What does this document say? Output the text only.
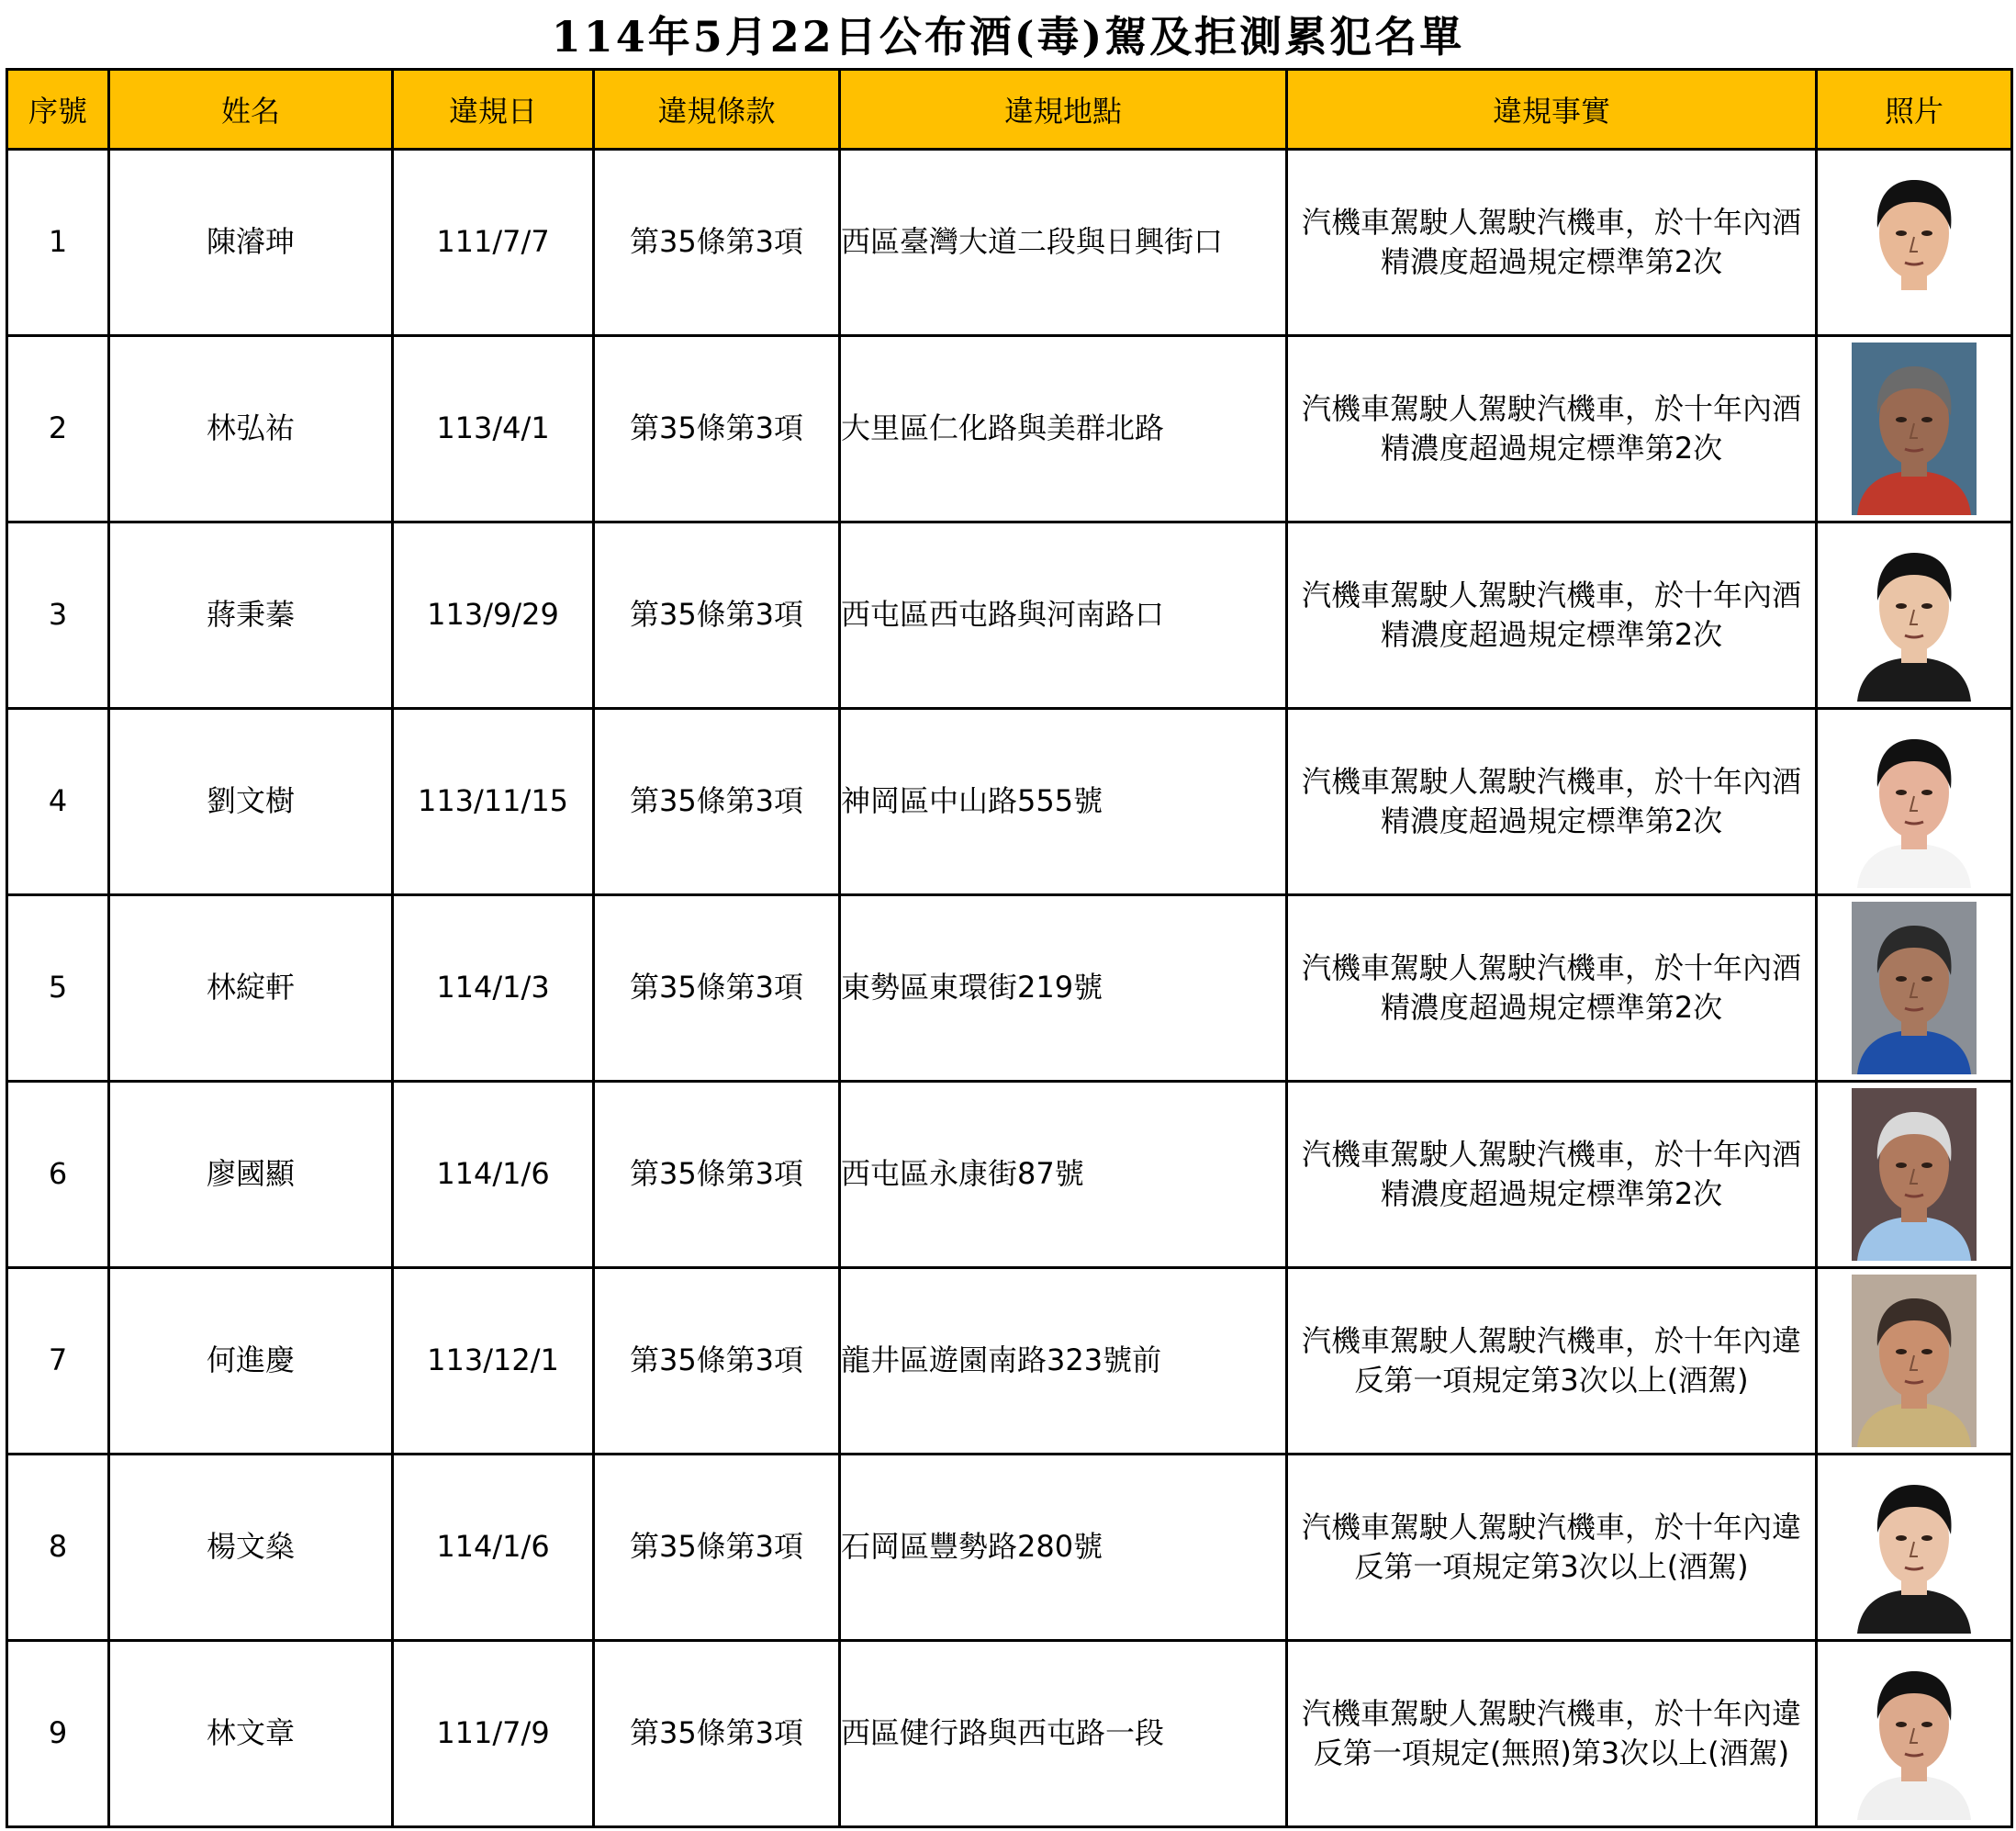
114年5月22日公布酒(毒)駕及拒測累犯名單
序號	姓名	違規日	違規條款	違規地點	違規事實	照片
1	陳濬珅	111/7/7	第35條第3項	西區臺灣大道二段與日興街口	汽機車駕駛人駕駛汽機車，於十年內酒精濃度超過規定標準第2次	

2	林弘祐	113/4/1	第35條第3項	大里區仁化路與美群北路	汽機車駕駛人駕駛汽機車，於十年內酒精濃度超過規定標準第2次	

3	蔣秉蓁	113/9/29	第35條第3項	西屯區西屯路與河南路口	汽機車駕駛人駕駛汽機車，於十年內酒精濃度超過規定標準第2次	

4	劉文樹	113/11/15	第35條第3項	神岡區中山路555號	汽機車駕駛人駕駛汽機車，於十年內酒精濃度超過規定標準第2次	

5	林綻軒	114/1/3	第35條第3項	東勢區東環街219號	汽機車駕駛人駕駛汽機車，於十年內酒精濃度超過規定標準第2次	

6	廖國顯	114/1/6	第35條第3項	西屯區永康街87號	汽機車駕駛人駕駛汽機車，於十年內酒精濃度超過規定標準第2次	

7	何進慶	113/12/1	第35條第3項	龍井區遊園南路323號前	汽機車駕駛人駕駛汽機車，於十年內違反第一項規定第3次以上(酒駕)	

8	楊文燊	114/1/6	第35條第3項	石岡區豐勢路280號	汽機車駕駛人駕駛汽機車，於十年內違反第一項規定第3次以上(酒駕)	

9	林文章	111/7/9	第35條第3項	西區健行路與西屯路一段	汽機車駕駛人駕駛汽機車，於十年內違反第一項規定(無照)第3次以上(酒駕)	
